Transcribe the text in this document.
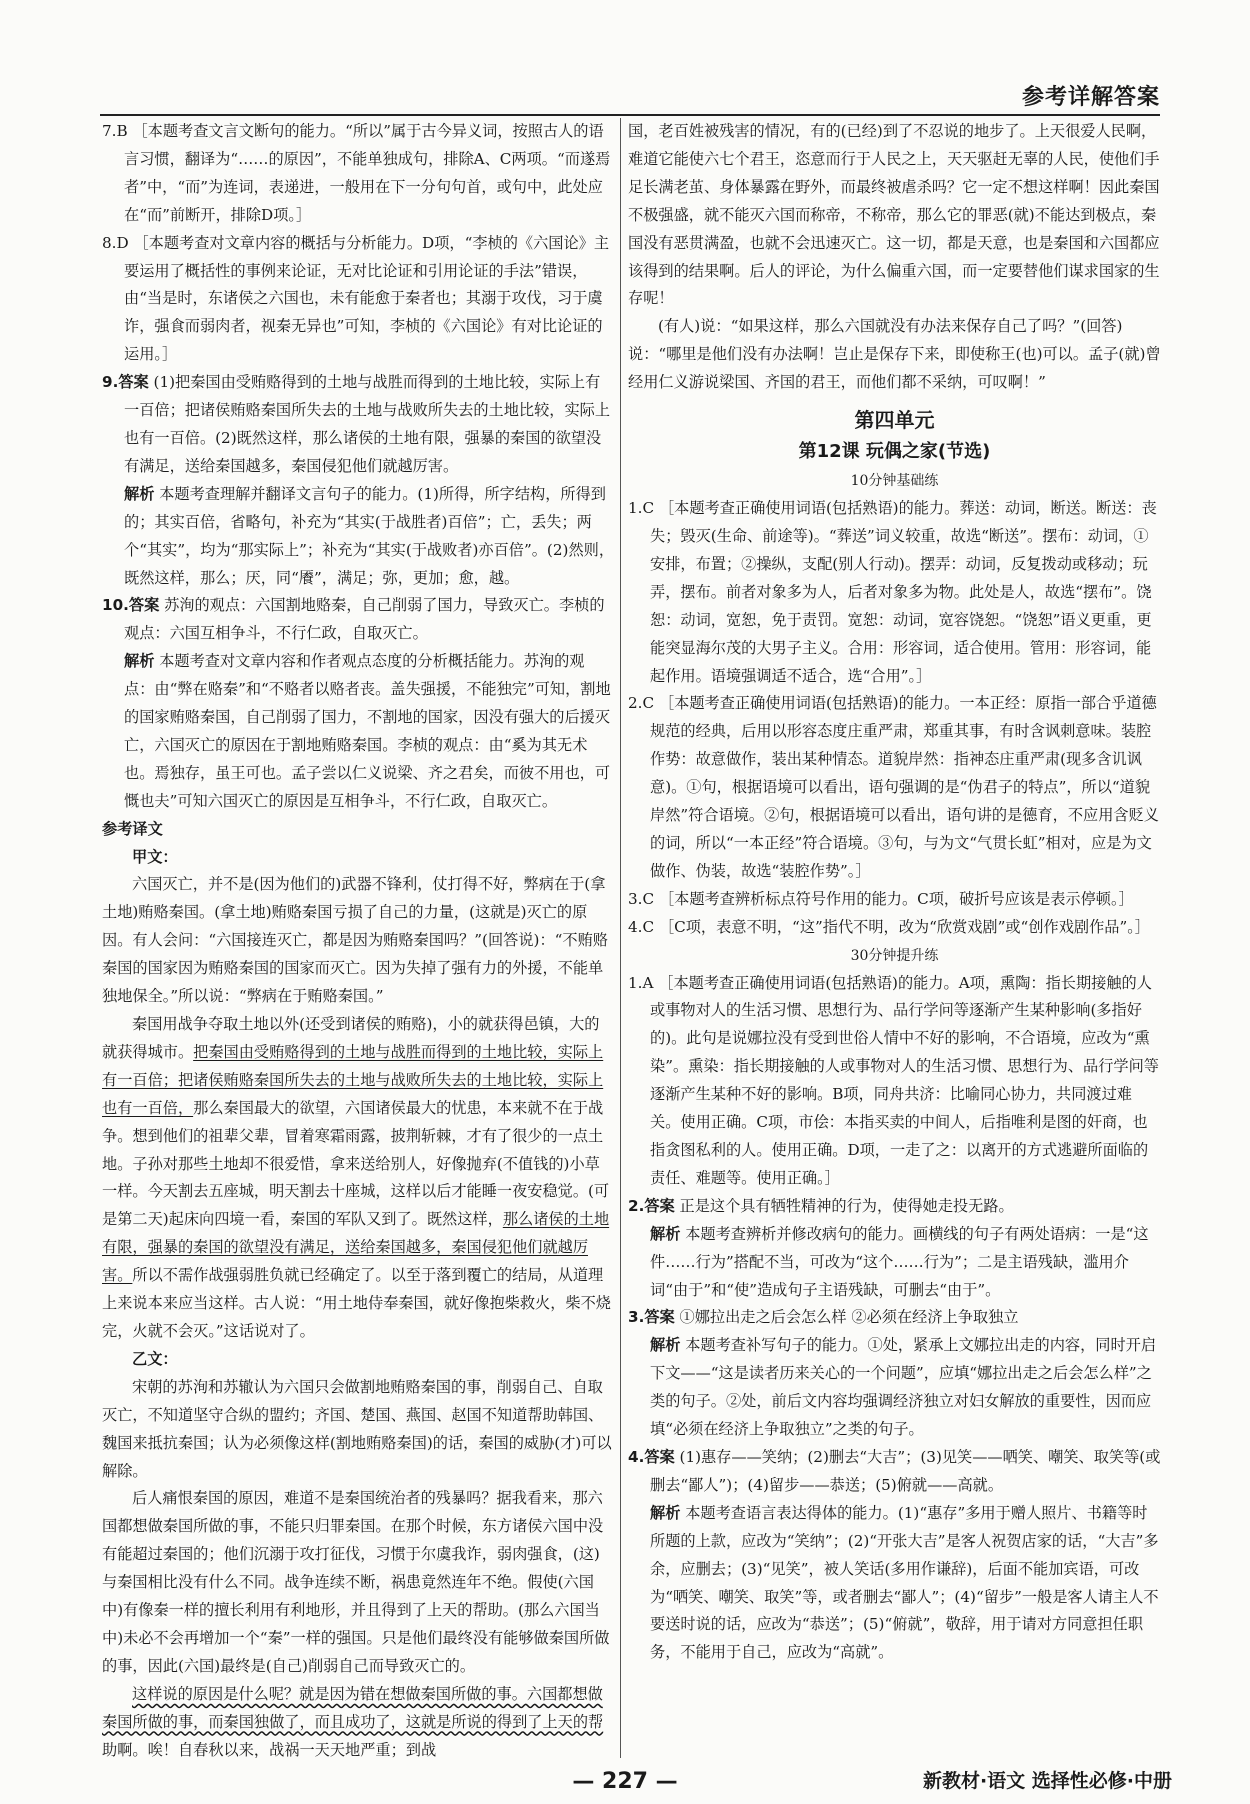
参考详解答案

7.B ［本题考查文言文断句的能力。“所以”属于古今异义词，按照古人的语言习惯，翻译为“……的原因”，不能单独成句，排除A、C两项。“而遂焉者”中，“而”为连词，表递进，一般用在下一分句句首，或句中，此处应在“而”前断开，排除D项。］

8.D ［本题考查对文章内容的概括与分析能力。D项，“李桢的《六国论》主要运用了概括性的事例来论证，无对比论证和引用论证的手法”错误，由“当是时，东诸侯之六国也，未有能愈于秦者也；其溺于攻伐，习于虞诈，强食而弱肉者，视秦无异也”可知，李桢的《六国论》有对比论证的运用。］

9.答案 (1)把秦国由受贿赂得到的土地与战胜而得到的土地比较，实际上有一百倍；把诸侯贿赂秦国所失去的土地与战败所失去的土地比较，实际上也有一百倍。(2)既然这样，那么诸侯的土地有限，强暴的秦国的欲望没有满足，送给秦国越多，秦国侵犯他们就越厉害。

解析 本题考查理解并翻译文言句子的能力。(1)所得，所字结构，所得到的；其实百倍，省略句，补充为“其实(于战胜者)百倍”；亡，丢失；两个“其实”，均为“那实际上”；补充为“其实(于战败者)亦百倍”。(2)然则，既然这样，那么；厌，同“餍”，满足；弥，更加；愈，越。

10.答案 苏洵的观点：六国割地赂秦，自己削弱了国力，导致灭亡。李桢的观点：六国互相争斗，不行仁政，自取灭亡。

解析 本题考查对文章内容和作者观点态度的分析概括能力。苏洵的观点：由“弊在赂秦”和“不赂者以赂者丧。盖失强援，不能独完”可知，割地的国家贿赂秦国，自己削弱了国力，不割地的国家，因没有强大的后援灭亡，六国灭亡的原因在于割地贿赂秦国。李桢的观点：由“奚为其无术也。焉独存，虽王可也。孟子尝以仁义说梁、齐之君矣，而彼不用也，可慨也夫”可知六国灭亡的原因是互相争斗，不行仁政，自取灭亡。

参考译文

甲文：

六国灭亡，并不是(因为他们的)武器不锋利，仗打得不好，弊病在于(拿土地)贿赂秦国。(拿土地)贿赂秦国亏损了自己的力量，(这就是)灭亡的原因。有人会问：“六国接连灭亡，都是因为贿赂秦国吗？”(回答说)：“不贿赂秦国的国家因为贿赂秦国的国家而灭亡。因为失掉了强有力的外援，不能单独地保全。”所以说：“弊病在于贿赂秦国。”

秦国用战争夺取土地以外(还受到诸侯的贿赂)，小的就获得邑镇，大的就获得城市。把秦国由受贿赂得到的土地与战胜而得到的土地比较，实际上有一百倍；把诸侯贿赂秦国所失去的土地与战败所失去的土地比较，实际上也有一百倍，那么秦国最大的欲望，六国诸侯最大的忧患，本来就不在于战争。想到他们的祖辈父辈，冒着寒霜雨露，披荆斩棘，才有了很少的一点土地。子孙对那些土地却不很爱惜，拿来送给别人，好像抛弃(不值钱的)小草一样。今天割去五座城，明天割去十座城，这样以后才能睡一夜安稳觉。(可是第二天)起床向四境一看，秦国的军队又到了。既然这样，那么诸侯的土地有限，强暴的秦国的欲望没有满足，送给秦国越多，秦国侵犯他们就越厉害。所以不需作战强弱胜负就已经确定了。以至于落到覆亡的结局，从道理上来说本来应当这样。古人说：“用土地侍奉秦国，就好像抱柴救火，柴不烧完，火就不会灭。”这话说对了。

乙文：

宋朝的苏洵和苏辙认为六国只会做割地贿赂秦国的事，削弱自己、自取灭亡，不知道坚守合纵的盟约；齐国、楚国、燕国、赵国不知道帮助韩国、魏国来抵抗秦国；认为必须像这样(割地贿赂秦国)的话，秦国的威胁(才)可以解除。

后人痛恨秦国的原因，难道不是秦国统治者的残暴吗？据我看来，那六国都想做秦国所做的事，不能只归罪秦国。在那个时候，东方诸侯六国中没有能超过秦国的；他们沉溺于攻打征伐，习惯于尔虞我诈，弱肉强食，(这)与秦国相比没有什么不同。战争连续不断，祸患竟然连年不绝。假使(六国中)有像秦一样的擅长利用有利地形，并且得到了上天的帮助。(那么六国当中)未必不会再增加一个“秦”一样的强国。只是他们最终没有能够做秦国所做的事，因此(六国)最终是(自己)削弱自己而导致灭亡的。

这样说的原因是什么呢？就是因为错在想做秦国所做的事。六国都想做秦国所做的事，而秦国独做了，而且成功了，这就是所说的得到了上天的帮助啊。唉！自春秋以来，战祸一天天地严重；到战

国，老百姓被残害的情况，有的(已经)到了不忍说的地步了。上天很爱人民啊，难道它能使六七个君王，恣意而行于人民之上，天天驱赶无辜的人民，使他们手足长满老茧、身体暴露在野外，而最终被虐杀吗？它一定不想这样啊！因此秦国不极强盛，就不能灭六国而称帝，不称帝，那么它的罪恶(就)不能达到极点，秦国没有恶贯满盈，也就不会迅速灭亡。这一切，都是天意，也是秦国和六国都应该得到的结果啊。后人的评论，为什么偏重六国，而一定要替他们谋求国家的生存呢！

(有人)说：“如果这样，那么六国就没有办法来保存自己了吗？”(回答)说：“哪里是他们没有办法啊！岂止是保存下来，即使称王(也)可以。孟子(就)曾经用仁义游说梁国、齐国的君王，而他们都不采纳，可叹啊！”

第四单元

第12课 玩偶之家(节选)

10分钟基础练

1.C ［本题考查正确使用词语(包括熟语)的能力。葬送：动词，断送。断送：丧失；毁灭(生命、前途等)。“葬送”词义较重，故选“断送”。摆布：动词，①安排，布置；②操纵，支配(别人行动)。摆弄：动词，反复拨动或移动；玩弄，摆布。前者对象多为人，后者对象多为物。此处是人，故选“摆布”。饶恕：动词，宽恕，免于责罚。宽恕：动词，宽容饶恕。“饶恕”语义更重，更能突显海尔茂的大男子主义。合用：形容词，适合使用。管用：形容词，能起作用。语境强调适不适合，选“合用”。］

2.C ［本题考查正确使用词语(包括熟语)的能力。一本正经：原指一部合乎道德规范的经典，后用以形容态度庄重严肃，郑重其事，有时含讽刺意味。装腔作势：故意做作，装出某种情态。道貌岸然：指神态庄重严肃(现多含讥讽意)。①句，根据语境可以看出，语句强调的是“伪君子的特点”，所以“道貌岸然”符合语境。②句，根据语境可以看出，语句讲的是德育，不应用含贬义的词，所以“一本正经”符合语境。③句，与为文“气贯长虹”相对，应是为文做作、伪装，故选“装腔作势”。］

3.C ［本题考查辨析标点符号作用的能力。C项，破折号应该是表示停顿。］

4.C ［C项，表意不明，“这”指代不明，改为“欣赏戏剧”或“创作戏剧作品”。］

30分钟提升练

1.A ［本题考查正确使用词语(包括熟语)的能力。A项，熏陶：指长期接触的人或事物对人的生活习惯、思想行为、品行学问等逐渐产生某种影响(多指好的)。此句是说娜拉没有受到世俗人情中不好的影响，不合语境，应改为“熏染”。熏染：指长期接触的人或事物对人的生活习惯、思想行为、品行学问等逐渐产生某种不好的影响。B项，同舟共济：比喻同心协力，共同渡过难关。使用正确。C项，市侩：本指买卖的中间人，后指唯利是图的奸商，也指贪图私利的人。使用正确。D项，一走了之：以离开的方式逃避所面临的责任、难题等。使用正确。］

2.答案 正是这个具有牺牲精神的行为，使得她走投无路。

解析 本题考查辨析并修改病句的能力。画横线的句子有两处语病：一是“这件……行为”搭配不当，可改为“这个……行为”；二是主语残缺，滥用介词“由于”和“使”造成句子主语残缺，可删去“由于”。

3.答案 ①娜拉出走之后会怎么样 ②必须在经济上争取独立

解析 本题考查补写句子的能力。①处，紧承上文娜拉出走的内容，同时开启下文——“这是读者历来关心的一个问题”，应填“娜拉出走之后会怎么样”之类的句子。②处，前后文内容均强调经济独立对妇女解放的重要性，因而应填“必须在经济上争取独立”之类的句子。

4.答案 (1)惠存——笑纳；(2)删去“大吉”；(3)见笑——哂笑、嘲笑、取笑等(或删去“鄙人”)；(4)留步——恭送；(5)俯就——高就。

解析 本题考查语言表达得体的能力。(1)“惠存”多用于赠人照片、书籍等时所题的上款，应改为“笑纳”；(2)“开张大吉”是客人祝贺店家的话，“大吉”多余，应删去；(3)“见笑”，被人笑话(多用作谦辞)，后面不能加宾语，可改为“哂笑、嘲笑、取笑”等，或者删去“鄙人”；(4)“留步”一般是客人请主人不要送时说的话，应改为“恭送”；(5)“俯就”，敬辞，用于请对方同意担任职务，不能用于自己，应改为“高就”。

— 227 —	新教材·语文 选择性必修·中册
